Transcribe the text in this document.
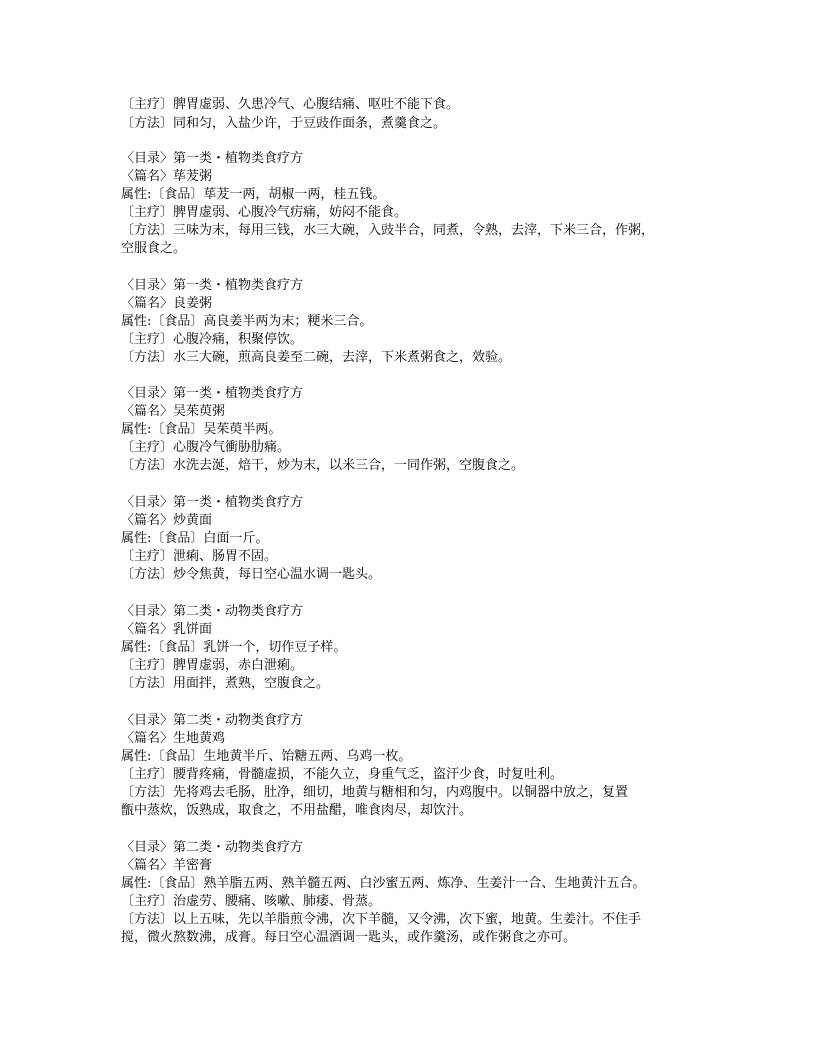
〔主疗〕脾胃虚弱、久患冷气、心腹结痛、呕吐不能下食。
〔方法〕同和匀，入盐少许，于豆豉作面条，煮羹食之。
〈目录〉第一类・植物类食疗方
〈篇名〉荜茇粥
属性:〔食品〕荜茇一两，胡椒一两，桂五钱。
〔主疗〕脾胃虚弱、心腹冷气疠痛，妨闷不能食。
〔方法〕三味为末，每用三钱，水三大碗，入豉半合，同煮，令熟，去滓，下米三合，作粥，
空服食之。
〈目录〉第一类・植物类食疗方
〈篇名〉良姜粥
属性:〔食品〕高良姜半两为末；粳米三合。
〔主疗〕心腹冷痛，积聚停饮。
〔方法〕水三大碗，煎高良姜至二碗，去滓，下米煮粥食之，效验。
〈目录〉第一类・植物类食疗方
〈篇名〉吴茱萸粥
属性:〔食品〕吴茱萸半两。
〔主疗〕心腹冷气衝胁肋痛。
〔方法〕水洗去涎，焙干，炒为末，以米三合，一同作粥，空腹食之。
〈目录〉第一类・植物类食疗方
〈篇名〉炒黄面
属性:〔食品〕白面一斤。
〔主疗〕泄痢、肠胃不固。
〔方法〕炒令焦黄，每日空心温水调一匙头。
〈目录〉第二类・动物类食疗方
〈篇名〉乳饼面
属性:〔食品〕乳饼一个，切作豆子样。
〔主疗〕脾胃虚弱，赤白泄痢。
〔方法〕用面拌，煮熟，空腹食之。
〈目录〉第二类・动物类食疗方
〈篇名〉生地黄鸡
属性:〔食品〕生地黄半斤、饴糖五两、乌鸡一枚。
〔主疗〕腰背疼痛，骨髓虚损，不能久立，身重气乏，盗汗少食，时复吐利。
〔方法〕先将鸡去毛肠，肚净，细切，地黄与糖相和匀，内鸡腹中。以铜器中放之，复置
甑中蒸炊，饭熟成，取食之，不用盐醋，唯食肉尽，却饮汁。
〈目录〉第二类・动物类食疗方
〈篇名〉羊密膏
属性:〔食品〕熟羊脂五两、熟羊髓五两、白沙蜜五两、炼净、生姜汁一合、生地黄汁五合。
〔主疗〕治虚劳、腰痛、咳嗽、肺痿、骨蒸。
〔方法〕以上五味，先以羊脂煎令沸，次下羊髓，又令沸，次下蜜，地黄。生姜汁。不住手
搅，微火熬数沸，成膏。每日空心温酒调一匙头，或作羹汤，或作粥食之亦可。
